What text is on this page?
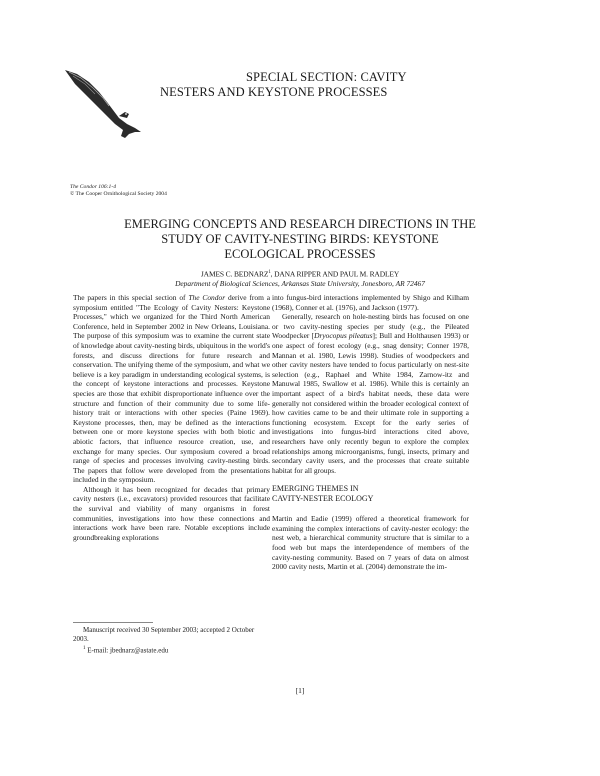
SPECIAL SECTION: CAVITY
NESTERS AND KEYSTONE PROCESSES
The Condor 106:1-4
© The Cooper Ornithological Society 2004
EMERGING CONCEPTS AND RESEARCH DIRECTIONS IN THE
STUDY OF CAVITY-NESTING BIRDS: KEYSTONE
ECOLOGICAL PROCESSES
JAMES C. BEDNARZ$^1$, DANA RIPPER AND PAUL M. RADLEY
Department of Biological Sciences, Arkansas State University, Jonesboro, AR 72467

The papers in this special section of The Condor derive from a symposium entitled "The Ecology of Cavity Nesters: Keystone Processes," which we organized for the Third North American Conference, held in September 2002 in New Orleans, Louisiana. The purpose of this symposium was to examine the current state of knowledge about cavity-nesting birds, ubiquitous in the world's forests, and discuss directions for future research and conservation. The unifying theme of the symposium, and what we believe is a key paradigm in understanding ecological systems, is the concept of keystone interactions and processes. Keystone species are those that exhibit disproportionate influence over the structure and function of their community due to some life-history trait or interactions with other species (Paine 1969). Keystone processes, then, may be defined as the interactions between one or more keystone species with both biotic and abiotic factors, that influence resource creation, use, and exchange for many species. Our symposium covered a broad range of species and processes involving cavity-nesting birds. The papers that follow were developed from the presentations included in the symposium.

Although it has been recognized for decades that primary cavity nesters (i.e., excavators) provided resources that facilitate the survival and viability of many organisms in forest communities, investigations into how these connections and interactions work have been rare. Notable exceptions include groundbreaking explorations

into fungus-bird interactions implemented by Shigo and Kilham (1968), Conner et al. (1976), and Jackson (1977).

Generally, research on hole-nesting birds has focused on one or two cavity-nesting species per study (e.g., the Pileated Woodpecker [Dryocopus pileatus]; Bull and Holthausen 1993) or one aspect of forest ecology (e.g., snag density; Conner 1978, Mannan et al. 1980, Lewis 1998). Studies of woodpeckers and other cavity nesters have tended to focus particularly on nest-site selection (e.g., Raphael and White 1984, Zarnow-itz and Manuwal 1985, Swallow et al. 1986). While this is certainly an important aspect of a bird's habitat needs, these data were generally not considered within the broader ecological context of how cavities came to be and their ultimate role in supporting a functioning ecosystem. Except for the early series of investigations into fungus-bird interactions cited above, researchers have only recently begun to explore the complex relationships among microorganisms, fungi, insects, primary and secondary cavity users, and the processes that create suitable habitat for all groups.

EMERGING THEMES IN
CAVITY-NESTER ECOLOGY

Martin and Eadie (1999) offered a theoretical framework for examining the complex interactions of cavity-nester ecology: the nest web, a hierarchical community structure that is similar to a food web but maps the interdependence of members of the cavity-nesting community. Based on 7 years of data on almost 2000 cavity nests, Martin et al. (2004) demonstrate the im-

Manuscript received 30 September 2003; accepted 2 October 2003.

$^1$ E-mail: jbednarz@astate.edu

[1]
